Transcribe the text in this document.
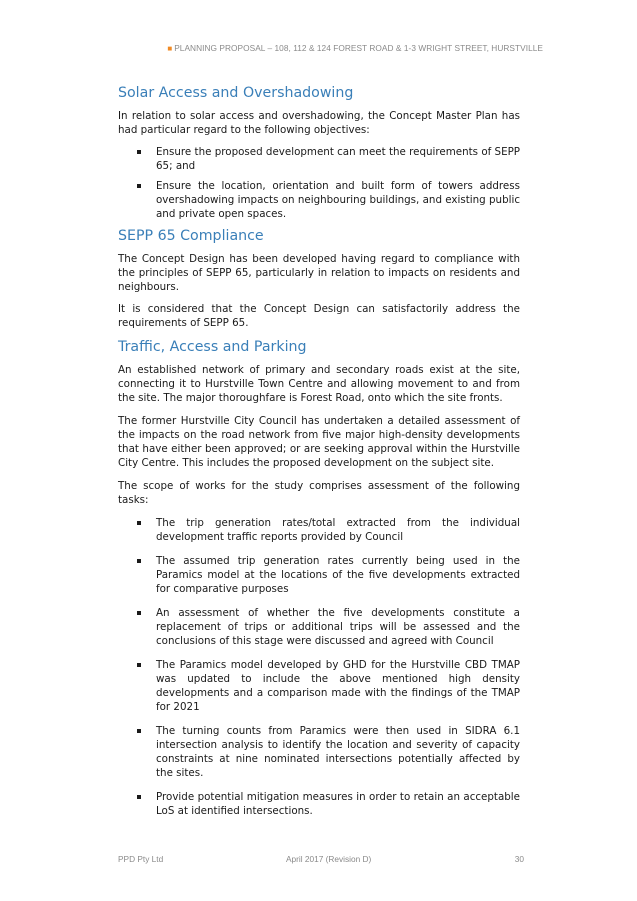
■ PLANNING PROPOSAL – 108, 112 & 124 FOREST ROAD & 1-3 WRIGHT STREET, HURSTVILLE
Solar Access and Overshadowing

In relation to solar access and overshadowing, the Concept Master Plan has had particular regard to the following objectives:

Ensure the proposed development can meet the requirements of SEPP 65; and
Ensure the location, orientation and built form of towers address overshadowing impacts on neighbouring buildings, and existing public and private open spaces.
SEPP 65 Compliance

The Concept Design has been developed having regard to compliance with the principles of SEPP 65, particularly in relation to impacts on residents and neighbours.

It is considered that the Concept Design can satisfactorily address the requirements of SEPP 65.

Traffic, Access and Parking

An established network of primary and secondary roads exist at the site, connecting it to Hurstville Town Centre and allowing movement to and from the site. The major thoroughfare is Forest Road, onto which the site fronts.

The former Hurstville City Council has undertaken a detailed assessment of the impacts on the road network from five major high-density developments that have either been approved; or are seeking approval within the Hurstville City Centre. This includes the proposed development on the subject site.

The scope of works for the study comprises assessment of the following tasks:

The trip generation rates/total extracted from the individual development traffic reports provided by Council
The assumed trip generation rates currently being used in the Paramics model at the locations of the five developments extracted for comparative purposes
An assessment of whether the five developments constitute a replacement of trips or additional trips will be assessed and the conclusions of this stage were discussed and agreed with Council
The Paramics model developed by GHD for the Hurstville CBD TMAP was updated to include the above mentioned high density developments and a comparison made with the findings of the TMAP for 2021
The turning counts from Paramics were then used in SIDRA 6.1 intersection analysis to identify the location and severity of capacity constraints at nine nominated intersections potentially affected by the sites.
Provide potential mitigation measures in order to retain an acceptable LoS at identified intersections.
PPD Pty Ltd	April 2017 (Revision D)	30
